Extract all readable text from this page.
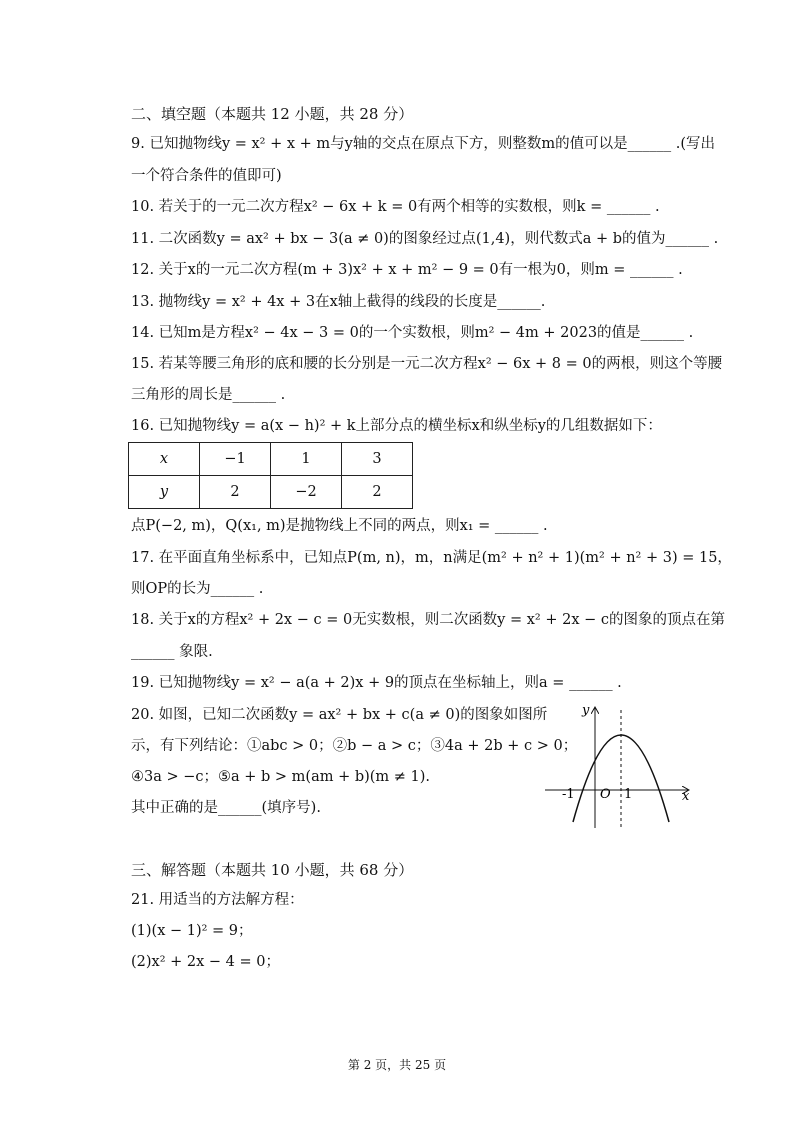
二、填空题（本题共 12 小题，共 28 分）
9. 已知抛物线y = x² + x + m与y轴的交点在原点下方，则整数m的值可以是______ .(写出
一个符合条件的值即可)
10. 若关于的一元二次方程x² − 6x + k = 0有两个相等的实数根，则k = ______ .
11. 二次函数y = ax² + bx − 3(a ≠ 0)的图象经过点(1,4)，则代数式a + b的值为______ .
12. 关于x的一元二次方程(m + 3)x² + x + m² − 9 = 0有一根为0，则m = ______ .
13. 抛物线y = x² + 4x + 3在x轴上截得的线段的长度是______.
14. 已知m是方程x² − 4x − 3 = 0的一个实数根，则m² − 4m + 2023的值是______ .
15. 若某等腰三角形的底和腰的长分别是一元二次方程x² − 6x + 8 = 0的两根，则这个等腰
三角形的周长是______ .
16. 已知抛物线y = a(x − h)² + k上部分点的横坐标x和纵坐标y的几组数据如下：
x	−1	1	3
y	2	−2	2
点P(−2, m)，Q(x₁, m)是抛物线上不同的两点，则x₁ = ______ .
17. 在平面直角坐标系中，已知点P(m, n)，m，n满足(m² + n² + 1)(m² + n² + 3) = 15，
则OP的长为______ .
18. 关于x的方程x² + 2x − c = 0无实数根，则二次函数y = x² + 2x − c的图象的顶点在第
______ 象限.
19. 已知抛物线y = x² − a(a + 2)x + 9的顶点在坐标轴上，则a = ______ .
20. 如图，已知二次函数y = ax² + bx + c(a ≠ 0)的图象如图所
示，有下列结论：①abc > 0；②b − a > c；③4a + 2b + c > 0；
④3a > −c；⑤a + b > m(am + b)(m ≠ 1).
其中正确的是______(填序号).
y
x
O
-1	1
三、解答题（本题共 10 小题，共 68 分）
21. 用适当的方法解方程：
(1)(x − 1)² = 9；
(2)x² + 2x − 4 = 0；
第 2 页，共 25 页
